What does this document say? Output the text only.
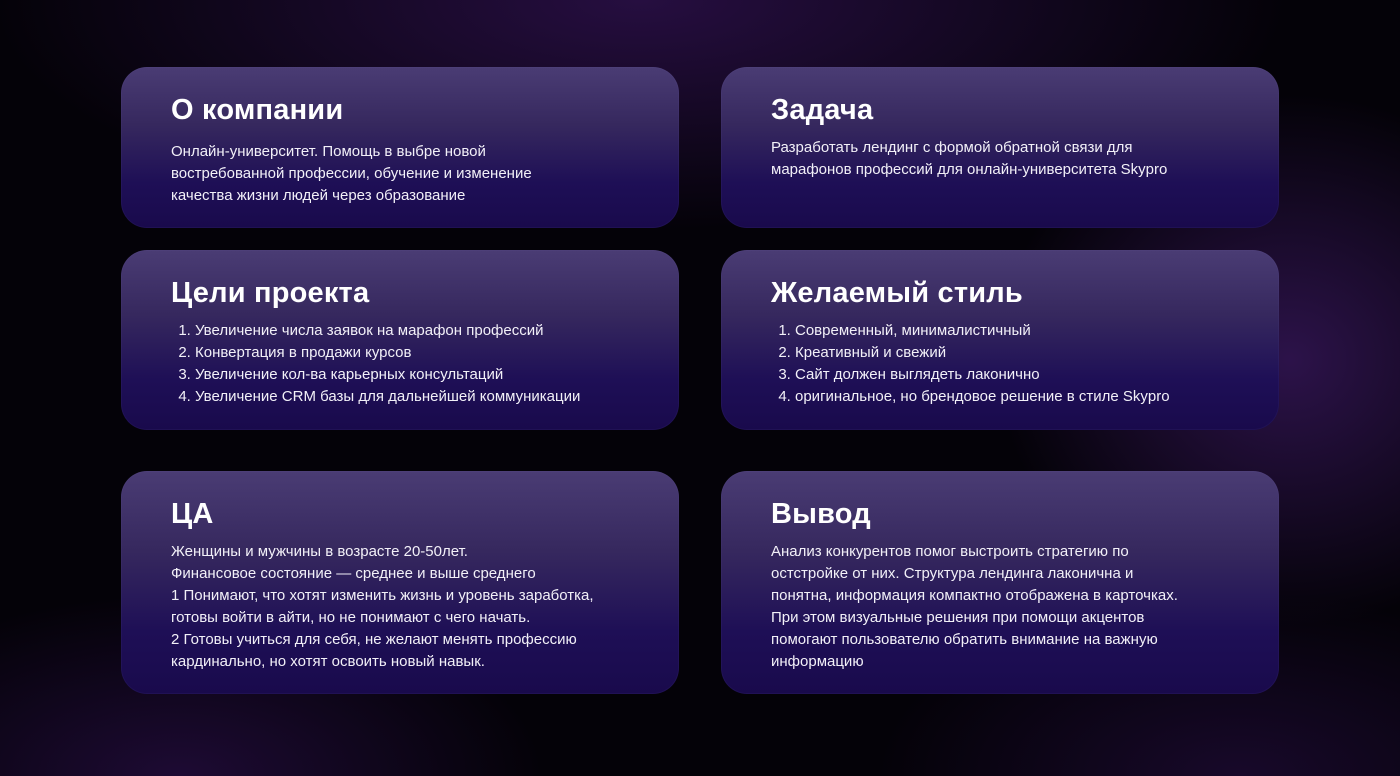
О компании

Онлайн-университет. Помощь в выбре новой
востребованной профессии, обучение и изменение
качества жизни людей через образование

Задача

Разработать лендинг с формой обратной связи для
марафонов профессий для онлайн-университета Skypro

Цели проекта
1. Увеличение числа заявок на марафон профессий
2. Конвертация в продажи курсов
3. Увеличение кол-ва карьерных консультаций
4. Увеличение CRM базы для дальнейшей коммуникации
Желаемый стиль
1. Современный, минималистичный
2. Креативный и свежий
3. Сайт должен выглядеть лаконично
4. оригинальное, но брендовое решение в стиле Skypro
ЦА

Женщины и мужчины в возрасте 20-50лет.
Финансовое состояние — среднее и выше среднего
1 Понимают, что хотят изменить жизнь и уровень заработка,
готовы войти в айти, но не понимают с чего начать.
2 Готовы учиться для себя, не желают менять профессию
кардинально, но хотят освоить новый навык.

Вывод

Анализ конкурентов помог выстроить стратегию по
остстройке от них. Структура лендинга лаконична и
понятна, информация компактно отображена в карточках.
При этом визуальные решения при помощи акцентов
помогают пользователю обратить внимание на важную
информацию
